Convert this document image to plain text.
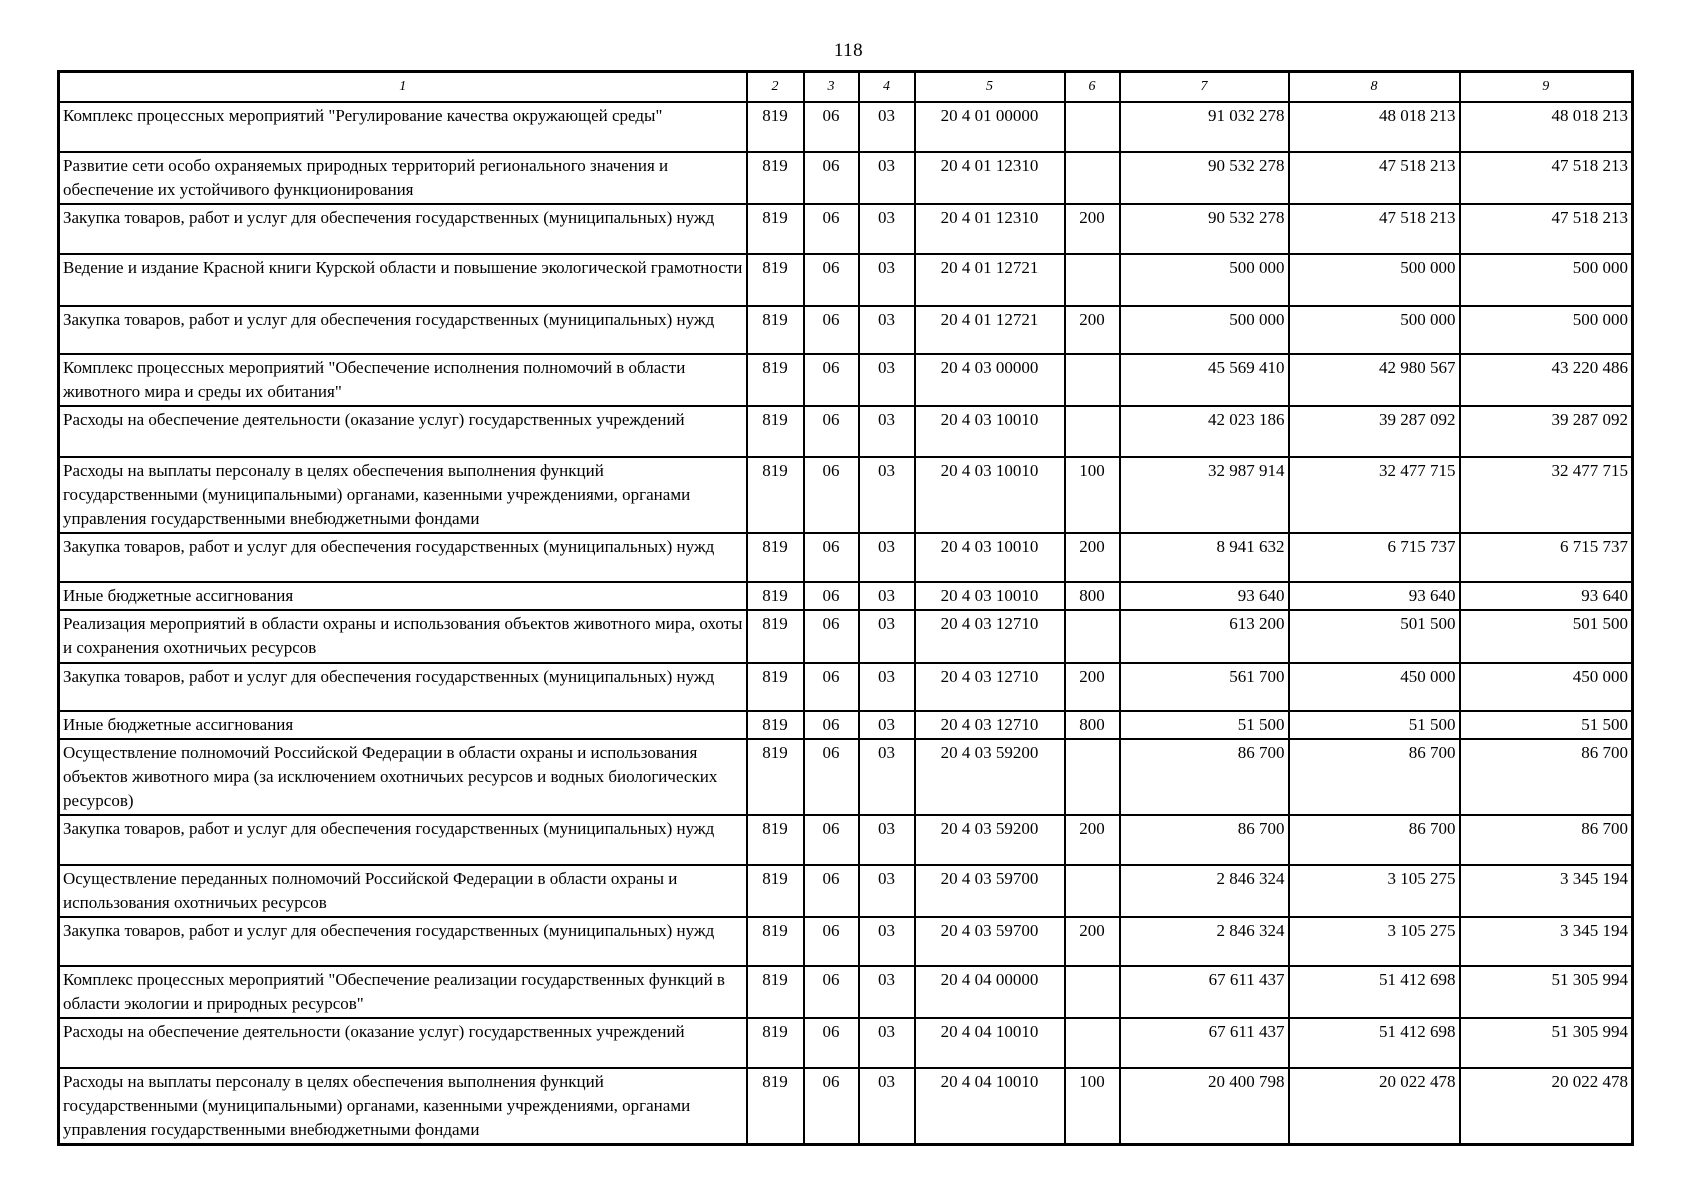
118
1	2	3	4	5	6	7	8	9
Комплекс процессных мероприятий "Регулирование качества окружающей среды"	819	06	03	20 4 01 00000		91 032 278	48 018 213	48 018 213
Развитие сети особо охраняемых природных территорий регионального значения и обеспечение их устойчивого функционирования	819	06	03	20 4 01 12310		90 532 278	47 518 213	47 518 213
Закупка товаров, работ и услуг для обеспечения государственных (муниципальных) нужд	819	06	03	20 4 01 12310	200	90 532 278	47 518 213	47 518 213
Ведение и издание Красной книги Курской области и повышение экологической грамотности	819	06	03	20 4 01 12721		500 000	500 000	500 000
Закупка товаров, работ и услуг для обеспечения государственных (муниципальных) нужд	819	06	03	20 4 01 12721	200	500 000	500 000	500 000
Комплекс процессных мероприятий "Обеспечение исполнения полномочий в области животного мира и среды их обитания"	819	06	03	20 4 03 00000		45 569 410	42 980 567	43 220 486
Расходы на обеспечение деятельности (оказание услуг) государственных учреждений	819	06	03	20 4 03 10010		42 023 186	39 287 092	39 287 092
Расходы на выплаты персоналу в целях обеспечения выполнения функций государственными (муниципальными) органами, казенными учреждениями, органами управления государственными внебюджетными фондами	819	06	03	20 4 03 10010	100	32 987 914	32 477 715	32 477 715
Закупка товаров, работ и услуг для обеспечения государственных (муниципальных) нужд	819	06	03	20 4 03 10010	200	8 941 632	6 715 737	6 715 737
Иные бюджетные ассигнования	819	06	03	20 4 03 10010	800	93 640	93 640	93 640
Реализация мероприятий в области охраны и использования объектов животного мира, охоты и сохранения охотничьих ресурсов	819	06	03	20 4 03 12710		613 200	501 500	501 500
Закупка товаров, работ и услуг для обеспечения государственных (муниципальных) нужд	819	06	03	20 4 03 12710	200	561 700	450 000	450 000
Иные бюджетные ассигнования	819	06	03	20 4 03 12710	800	51 500	51 500	51 500
Осуществление полномочий Российской Федерации в области охраны и использования объектов животного мира (за исключением охотничьих ресурсов и водных биологических ресурсов)	819	06	03	20 4 03 59200		86 700	86 700	86 700
Закупка товаров, работ и услуг для обеспечения государственных (муниципальных) нужд	819	06	03	20 4 03 59200	200	86 700	86 700	86 700
Осуществление переданных полномочий Российской Федерации в области охраны и использования охотничьих ресурсов	819	06	03	20 4 03 59700		2 846 324	3 105 275	3 345 194
Закупка товаров, работ и услуг для обеспечения государственных (муниципальных) нужд	819	06	03	20 4 03 59700	200	2 846 324	3 105 275	3 345 194
Комплекс процессных мероприятий "Обеспечение реализации государственных функций в области экологии и природных ресурсов"	819	06	03	20 4 04 00000		67 611 437	51 412 698	51 305 994
Расходы на обеспечение деятельности (оказание услуг) государственных учреждений	819	06	03	20 4 04 10010		67 611 437	51 412 698	51 305 994
Расходы на выплаты персоналу в целях обеспечения выполнения функций государственными (муниципальными) органами, казенными учреждениями, органами управления государственными внебюджетными фондами	819	06	03	20 4 04 10010	100	20 400 798	20 022 478	20 022 478
